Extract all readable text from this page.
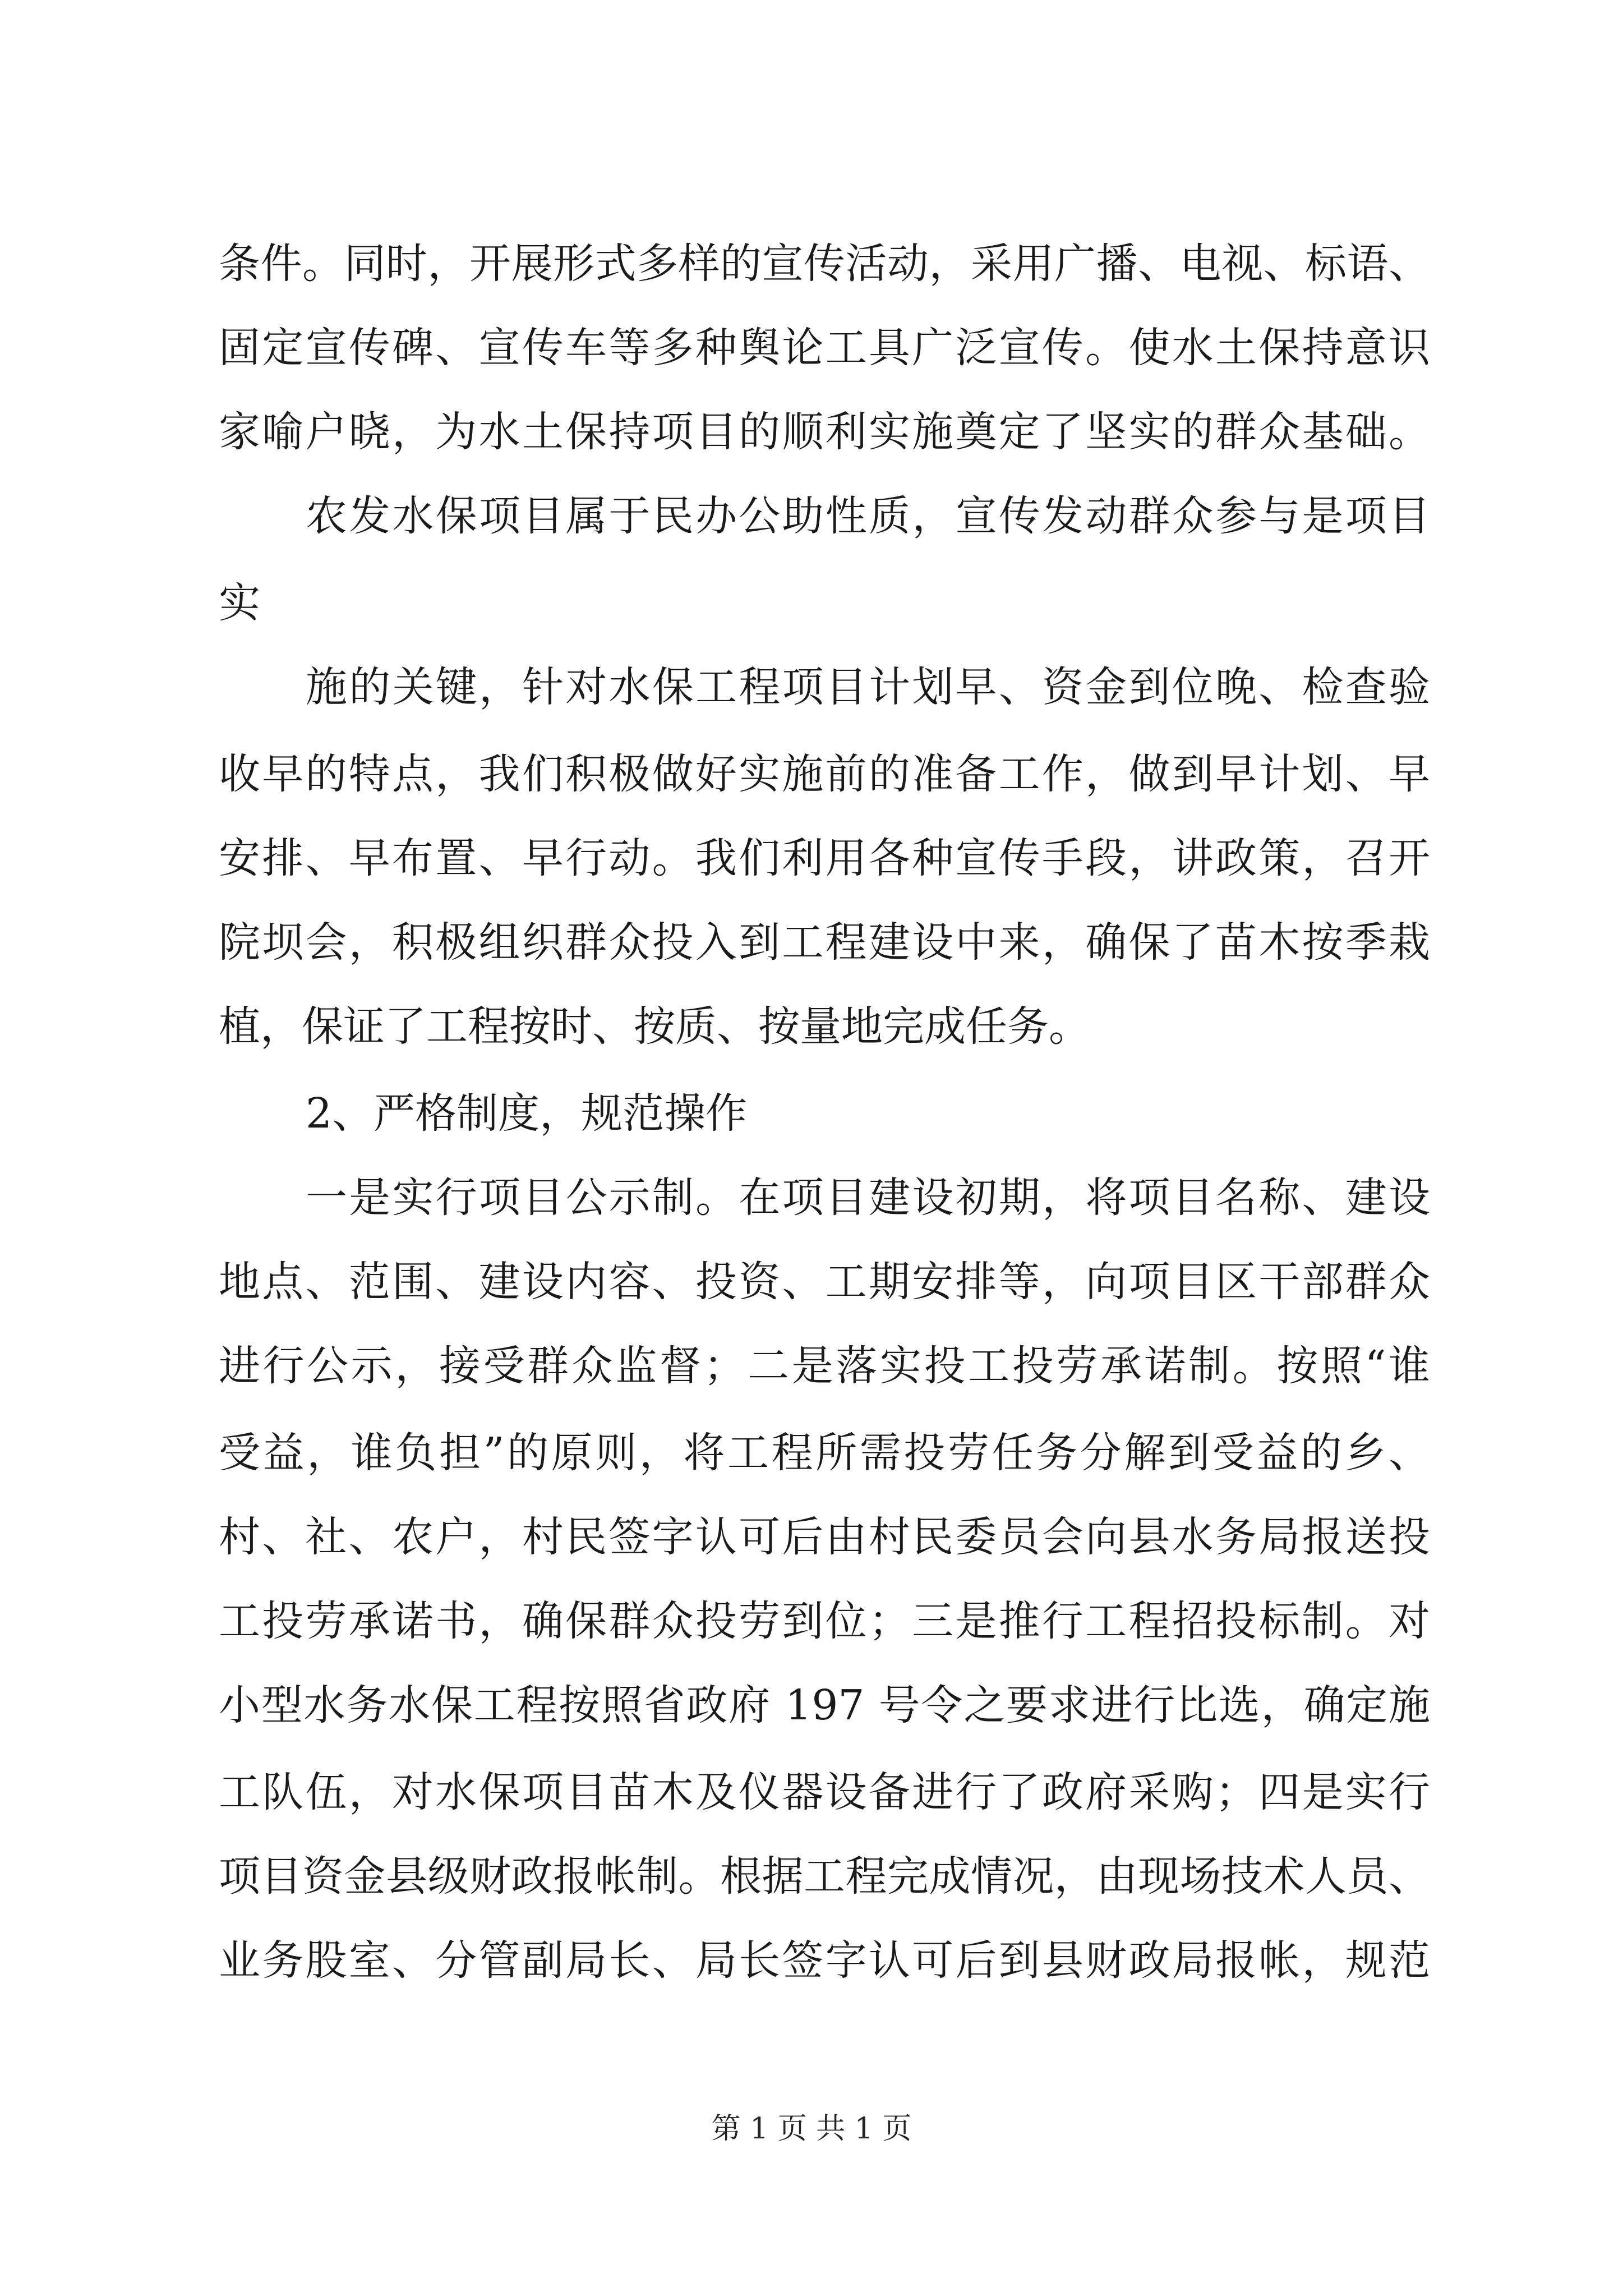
条件。同时，开展形式多样的宣传活动，采用广播、电视、标语、
固定宣传碑、宣传车等多种舆论工具广泛宣传。使水土保持意识
家喻户晓，为水土保持项目的顺利实施奠定了坚实的群众基础。
农发水保项目属于民办公助性质，宣传发动群众参与是项目
实
施的关键，针对水保工程项目计划早、资金到位晚、检查验
收早的特点，我们积极做好实施前的准备工作，做到早计划、早
安排、早布置、早行动。我们利用各种宣传手段，讲政策，召开
院坝会，积极组织群众投入到工程建设中来，确保了苗木按季栽
植，保证了工程按时、按质、按量地完成任务。
2、严格制度，规范操作
一是实行项目公示制。在项目建设初期，将项目名称、建设
地点、范围、建设内容、投资、工期安排等，向项目区干部群众
进行公示，接受群众监督；二是落实投工投劳承诺制。按照“谁
受益，谁负担”的原则，将工程所需投劳任务分解到受益的乡、
村、社、农户，村民签字认可后由村民委员会向县水务局报送投
工投劳承诺书，确保群众投劳到位；三是推行工程招投标制。对
小型水务水保工程按照省政府 197 号令之要求进行比选，确定施
工队伍，对水保项目苗木及仪器设备进行了政府采购；四是实行
项目资金县级财政报帐制。根据工程完成情况，由现场技术人员、
业务股室、分管副局长、局长签字认可后到县财政局报帐，规范
第 1 页 共 1 页
